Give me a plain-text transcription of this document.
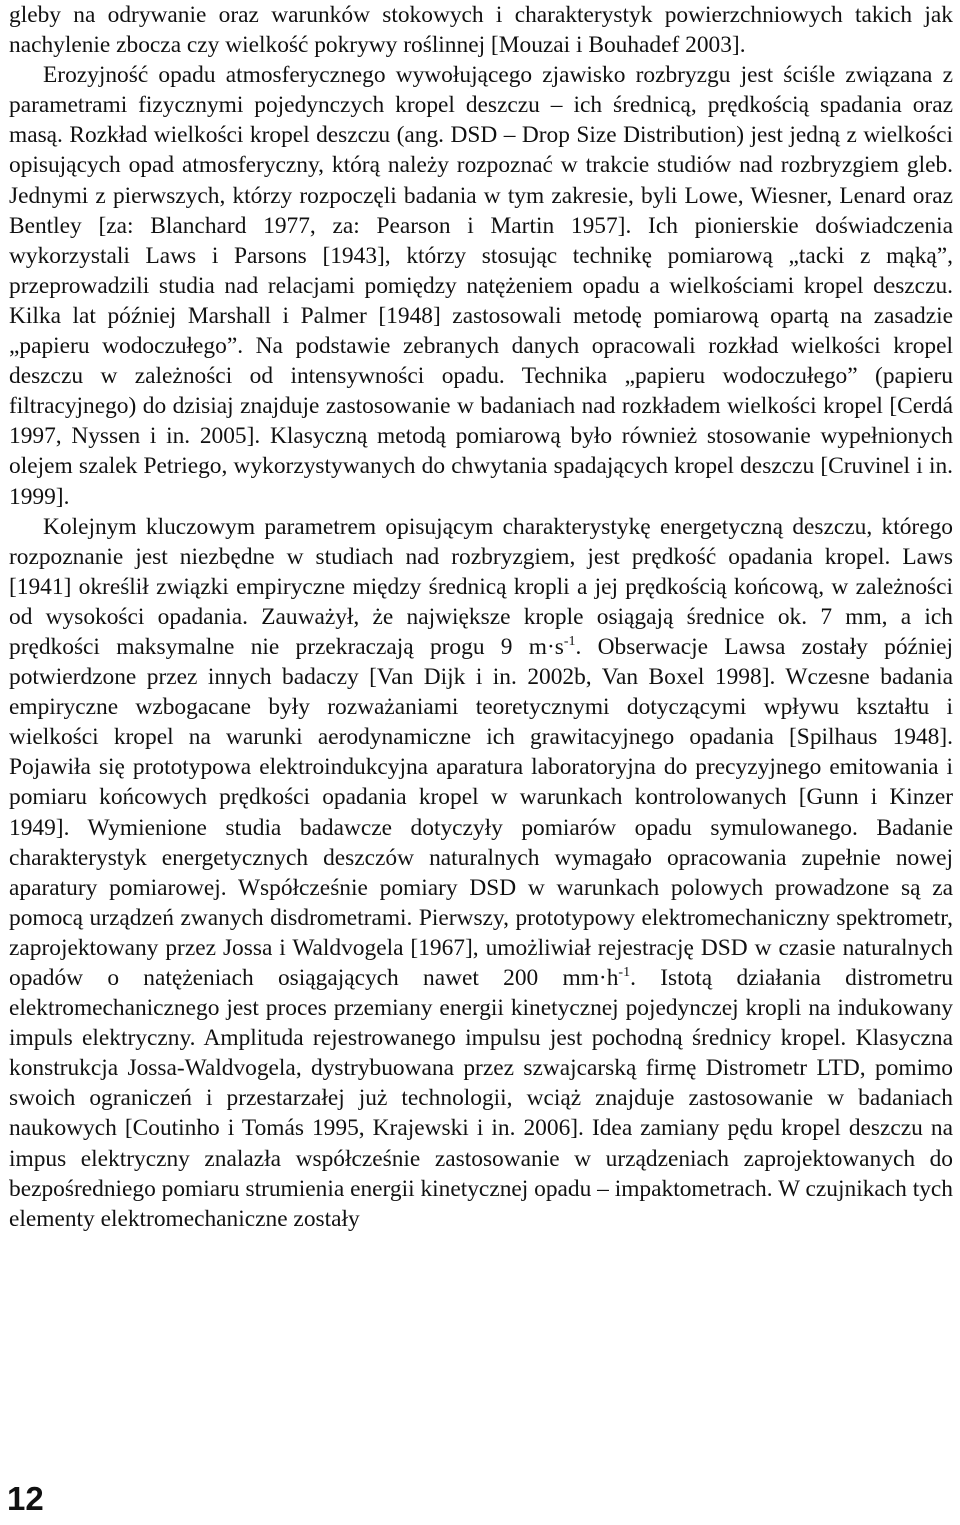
gleby na odrywanie oraz warunków stokowych i charakterystyk powierzchniowych takich jak nachylenie zbocza czy wielkość pokrywy roślinnej [Mouzai i Bouhadef 2003].

Erozyjność opadu atmosferycznego wywołującego zjawisko rozbryzgu jest ściśle związana z parametrami fizycznymi pojedynczych kropel deszczu – ich średnicą, prędkością spadania oraz masą. Rozkład wielkości kropel deszczu (ang. DSD – Drop Size Distribution) jest jedną z wielkości opisujących opad atmosferyczny, którą należy rozpoznać w trakcie studiów nad rozbryzgiem gleb. Jednymi z pierwszych, którzy rozpoczęli badania w tym zakresie, byli Lowe, Wiesner, Lenard oraz Bentley [za: Blanchard 1977, za: Pearson i Martin 1957]. Ich pionierskie doświadczenia wykorzystali Laws i Parsons [1943], którzy stosując technikę pomiarową „tacki z mąką”, przeprowadzili studia nad relacjami pomiędzy natężeniem opadu a wielkościami kropel deszczu. Kilka lat później Marshall i Palmer [1948] zastosowali metodę pomiarową opartą na zasadzie „papieru wodoczułego”. Na podstawie zebranych danych opracowali rozkład wielkości kropel deszczu w zależności od intensywności opadu. Technika „papieru wodoczułego” (papieru filtracyjnego) do dzisiaj znajduje zastosowanie w badaniach nad rozkładem wielkości kropel [Cerdá 1997, Nyssen i in. 2005]. Klasyczną metodą pomiarową było również stosowanie wypełnionych olejem szalek Petriego, wykorzystywanych do chwytania spadających kropel deszczu [Cruvinel i in. 1999].

Kolejnym kluczowym parametrem opisującym charakterystykę energetyczną deszczu, którego rozpoznanie jest niezbędne w studiach nad rozbryzgiem, jest prędkość opadania kropel. Laws [1941] określił związki empiryczne między średnicą kropli a jej prędkością końcową, w zależności od wysokości opadania. Zauważył, że największe krople osiągają średnice ok. 7 mm, a ich prędkości maksymalne nie przekraczają progu 9 $m\cdot s^{-1}$. Obserwacje Lawsa zostały później potwierdzone przez innych badaczy [Van Dijk i in. 2002b, Van Boxel 1998]. Wczesne badania empiryczne wzbogacane były rozważaniami teoretycznymi dotyczącymi wpływu kształtu i wielkości kropel na warunki aerodynamiczne ich grawitacyjnego opadania [Spilhaus 1948]. Pojawiła się prototypowa elektroindukcyjna aparatura laboratoryjna do precyzyjnego emitowania i pomiaru końcowych prędkości opadania kropel w warunkach kontrolowanych [Gunn i Kinzer 1949]. Wymienione studia badawcze dotyczyły pomiarów opadu symulowanego. Badanie charakterystyk energetycznych deszczów naturalnych wymagało opracowania zupełnie nowej aparatury pomiarowej. Współcześnie pomiary DSD w warunkach polowych prowadzone są za pomocą urządzeń zwanych disdrometrami. Pierwszy, prototypowy elektromechaniczny spektrometr, zaprojektowany przez Jossa i Waldvogela [1967], umożliwiał rejestrację DSD w czasie naturalnych opadów o natężeniach osiągających nawet 200 $mm\cdot h^{-1}$. Istotą działania distrometru elektromechanicznego jest proces przemiany energii kinetycznej pojedynczej kropli na indukowany impuls elektryczny. Amplituda rejestrowanego impulsu jest pochodną średnicy kropel. Klasyczna konstrukcja Jossa-Waldvogela, dystrybuowana przez szwajcarską firmę Distrometr LTD, pomimo swoich ograniczeń i przestarzałej już technologii, wciąż znajduje zastosowanie w badaniach naukowych [Coutinho i Tomás 1995, Krajewski i in. 2006]. Idea zamiany pędu kropel deszczu na impus elektryczny znalazła współcześnie zastosowanie w urządzeniach zaprojektowanych do bezpośredniego pomiaru strumienia energii kinetycznej opadu – impaktometrach. W czujnikach tych elementy elektromechaniczne zostały

12
